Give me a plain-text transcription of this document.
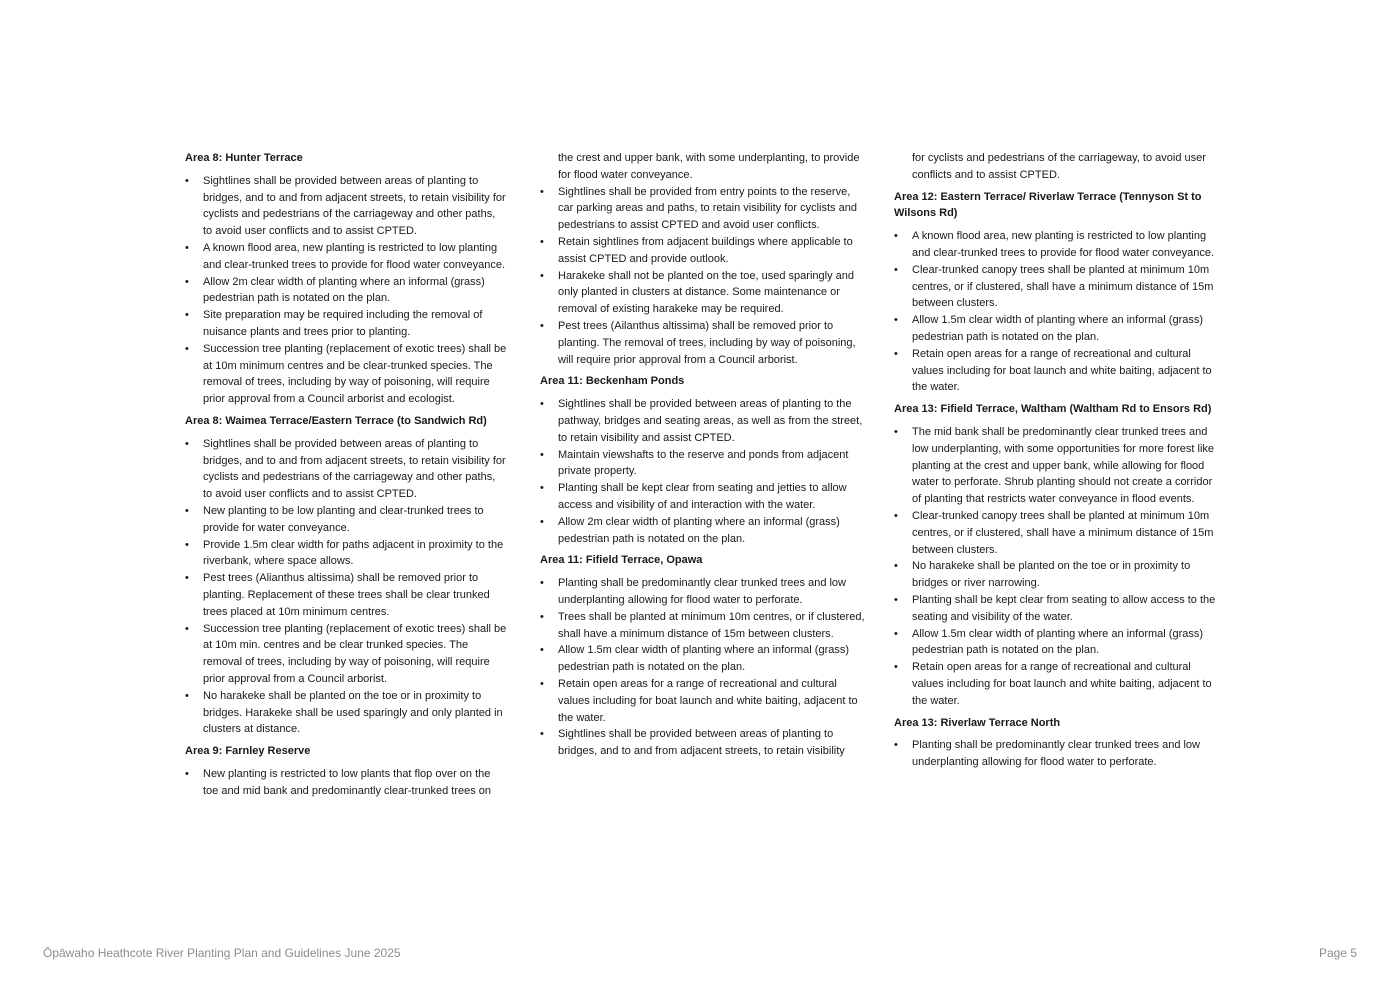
Area 8: Hunter Terrace
• Sightlines shall be provided between areas of planting to bridges, and to and from adjacent streets, to retain visibility for cyclists and pedestrians of the carriageway and other paths, to avoid user conflicts and to assist CPTED.
• A known flood area, new planting is restricted to low planting and clear-trunked trees to provide for flood water conveyance.
• Allow 2m clear width of planting where an informal (grass) pedestrian path is notated on the plan.
• Site preparation may be required including the removal of nuisance plants and trees prior to planting.
• Succession tree planting (replacement of exotic trees) shall be at 10m minimum centres and be clear-trunked species. The removal of trees, including by way of poisoning, will require prior approval from a Council arborist and ecologist.
Area 8: Waimea Terrace/Eastern Terrace (to Sandwich Rd)
• Sightlines shall be provided between areas of planting to bridges, and to and from adjacent streets, to retain visibility for cyclists and pedestrians of the carriageway and other paths, to avoid user conflicts and to assist CPTED.
• New planting to be low planting and clear-trunked trees to provide for water conveyance.
• Provide 1.5m clear width for paths adjacent in proximity to the riverbank, where space allows.
• Pest trees (Alianthus altissima) shall be removed prior to planting. Replacement of these trees shall be clear trunked trees placed at 10m minimum centres.
• Succession tree planting (replacement of exotic trees) shall be at 10m min. centres and be clear trunked species. The removal of trees, including by way of poisoning, will require prior approval from a Council arborist.
• No harakeke shall be planted on the toe or in proximity to bridges. Harakeke shall be used sparingly and only planted in clusters at distance.
Area 9: Farnley Reserve
• New planting is restricted to low plants that flop over on the toe and mid bank and predominantly clear-trunked trees on
the crest and upper bank, with some underplanting, to provide for flood water conveyance.
• Sightlines shall be provided from entry points to the reserve, car parking areas and paths, to retain visibility for cyclists and pedestrians to assist CPTED and avoid user conflicts.
• Retain sightlines from adjacent buildings where applicable to assist CPTED and provide outlook.
• Harakeke shall not be planted on the toe, used sparingly and only planted in clusters at distance. Some maintenance or removal of existing harakeke may be required.
• Pest trees (Ailanthus altissima) shall be removed prior to planting. The removal of trees, including by way of poisoning, will require prior approval from a Council arborist.
Area 11: Beckenham Ponds
• Sightlines shall be provided between areas of planting to the pathway, bridges and seating areas, as well as from the street, to retain visibility and assist CPTED.
• Maintain viewshafts to the reserve and ponds from adjacent private property.
• Planting shall be kept clear from seating and jetties to allow access and visibility of and interaction with the water.
• Allow 2m clear width of planting where an informal (grass) pedestrian path is notated on the plan.
Area 11: Fifield Terrace, Opawa
• Planting shall be predominantly clear trunked trees and low underplanting allowing for flood water to perforate.
• Trees shall be planted at minimum 10m centres, or if clustered, shall have a minimum distance of 15m between clusters.
• Allow 1.5m clear width of planting where an informal (grass) pedestrian path is notated on the plan.
• Retain open areas for a range of recreational and cultural values including for boat launch and white baiting, adjacent to the water.
• Sightlines shall be provided between areas of planting to bridges, and to and from adjacent streets, to retain visibility
for cyclists and pedestrians of the carriageway, to avoid user conflicts and to assist CPTED.
Area 12: Eastern Terrace/ Riverlaw Terrace (Tennyson St to Wilsons Rd)
• A known flood area, new planting is restricted to low planting and clear-trunked trees to provide for flood water conveyance.
• Clear-trunked canopy trees shall be planted at minimum 10m centres, or if clustered, shall have a minimum distance of 15m between clusters.
• Allow 1.5m clear width of planting where an informal (grass) pedestrian path is notated on the plan.
• Retain open areas for a range of recreational and cultural values including for boat launch and white baiting, adjacent to the water.
Area 13: Fifield Terrace, Waltham (Waltham Rd to Ensors Rd)
• The mid bank shall be predominantly clear trunked trees and low underplanting, with some opportunities for more forest like planting at the crest and upper bank, while allowing for flood water to perforate. Shrub planting should not create a corridor of planting that restricts water conveyance in flood events.
• Clear-trunked canopy trees shall be planted at minimum 10m centres, or if clustered, shall have a minimum distance of 15m between clusters.
• No harakeke shall be planted on the toe or in proximity to bridges or river narrowing.
• Planting shall be kept clear from seating to allow access to the seating and visibility of the water.
• Allow 1.5m clear width of planting where an informal (grass) pedestrian path is notated on the plan.
• Retain open areas for a range of recreational and cultural values including for boat launch and white baiting, adjacent to the water.
Area 13: Riverlaw Terrace North
• Planting shall be predominantly clear trunked trees and low underplanting allowing for flood water to perforate.
Ōpāwaho Heathcote River Planting Plan and Guidelines June 2025	Page 5
